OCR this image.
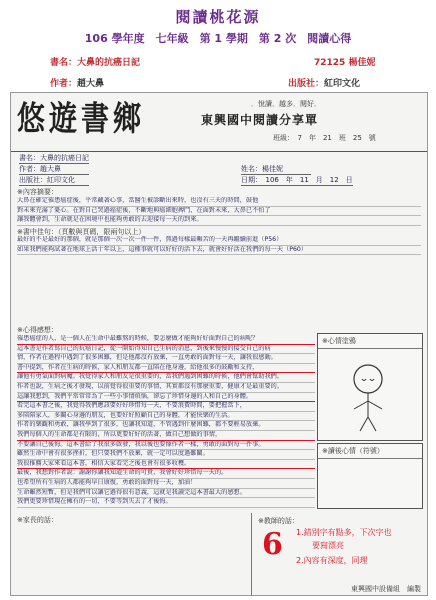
閱讀桃花源
106 學年度　七年級　第 1 學期　第 2 次　閱讀心得
書名：大鼻的抗癌日記	72125 楊佳妮
作者：趙大鼻	出版社：紅印文化
悠遊書鄉	．悅讀．越多．閱好．
東興國中閱讀分享單
班級：　7　年　21　班　25　號
書名：大鼻的抗癌日記
作者：趙大鼻	姓名：楊佳妮
出版社：紅印文化	日期：　106　年　11　月　12　日
※內容摘要：
大鼻在確定罹患癌症後，平常藏著心事，當醫生被診斷出來時，也沒有三天的時間，鼓他
對未來充滿了憂心。在對自己哭過癌症後，不斷地與癌細胞搏鬥，在面對未來，大鼻已不怕了
讓我體會到，生命就是在困境中也能夠勇敢的去迎接每一天的到來。
※書中佳句：（頁數與頁碼，限兩句以上）
最好的不是最好的那個，就是那個一次一次一件一件，熬過每樣最艱苦的一天再繼續前進（P56）
如果我們能夠試著在地球上活十年以上，這種事就可以好好的活下去，就會好好活在我們的每一天（P60）
※心得感想：
罹患癌症的人，是一個人在生命中最難熬的時候，要怎麼做才能夠好好面對自己的病呢？
這本書是作者寫自己的抗癌日記，從一開始得知自己生病的消息，到後來慢慢的接受自己的病
情，作者在過程中遇到了很多困難，但是他都沒有放棄，一直勇敢的面對每一天，讓我很感動。
書中提到，作者在生病的時候，家人和朋友都一直陪在他身邊，給他很多的鼓勵和支持，
讓他有勇氣面對病魔。我覺得家人和朋友是很重要的，當我們遇到困難的時候，他們會幫助我們。
作者也說，生病之後才發現，以前覺得很重要的事情，其實都沒有那麼重要，健康才是最重要的。
這讓我想到，我們平常常常為了一些小事情煩惱，卻忘了珍惜身邊的人和自己的身體。
看完這本書之後，我覺得我們應該要好好珍惜每一天，不要浪費時間，要把握當下，
多陪陪家人，多關心身邊的朋友，也要好好照顧自己的身體，才能快樂的生活。
作者的樂觀和勇敢，讓我學到了很多，也讓我知道，不管遇到什麼困難，都不要輕易放棄。
我們每個人的生命都是有限的，所以更要好好的活著，做自己想做的事情，
不要讓自己後悔。這本書給了我很多啟發，我以後也要像作者一樣，勇敢的面對每一件事。
雖然生命中會有很多挫折，但只要我們不放棄，就一定可以度過難關。
我很推薦大家來看這本書，相信大家看完之後也會有很多收穫。
最後，我想對作者說：謝謝你讓我知道生命的可貴，我會好好珍惜每一天的。
也希望所有生病的人都能夠早日康復，勇敢的面對每一天，加油！
生命雖然短暫，但是我們可以讓它過得很有意義，這就是我讀完這本書最大的感想。
我們更要珍惜現在擁有的一切，不要等到失去了才後悔。
※心情塗鴉
※讀後心情（符號）
※家長的話：	※教師的話：
6 1.錯別字有點多，下次字也
要寫漂亮
2.內容有深度，同理
東興國中設備組　編製
